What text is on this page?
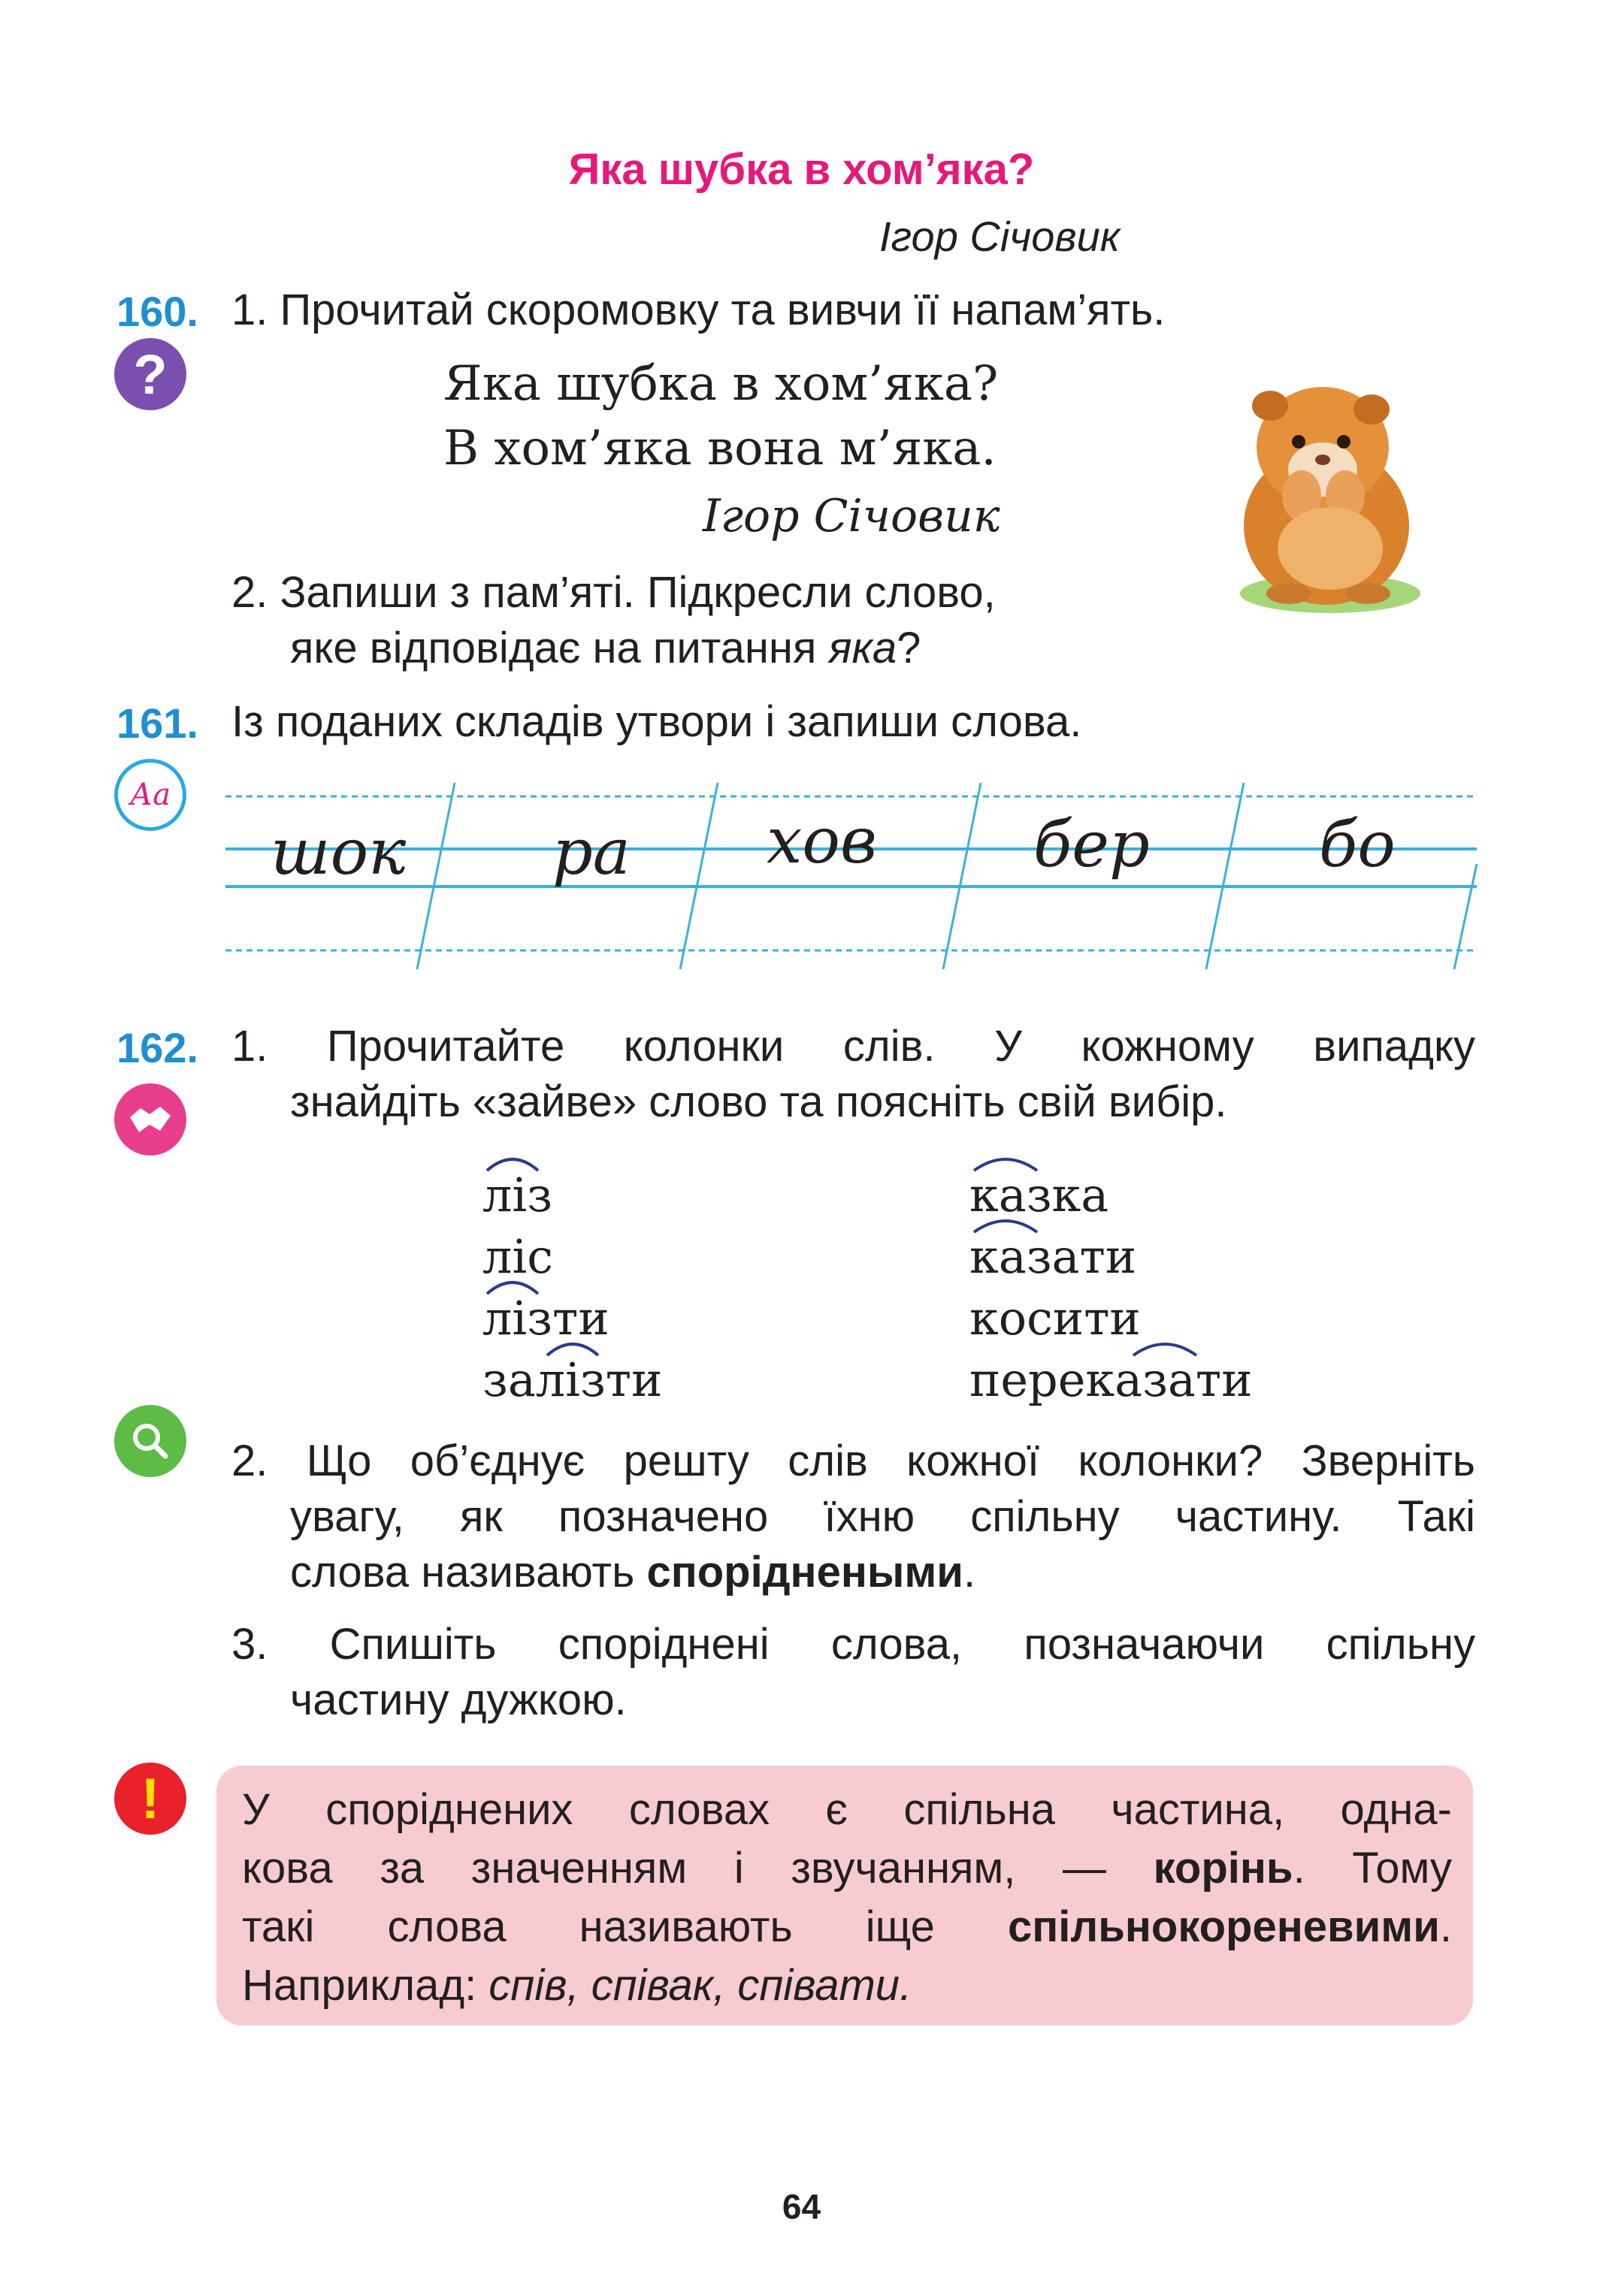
Яка шубка в хом’яка?
Ігор Січовик
160.
?
1. Прочитай скоромовку та вивчи її напам’ять.
Яка шубка в хом’яка?
В хом’яка вона м’яка.
Ігор Січовик
2. Запиши з пам’яті. Підкресли слово,
яке відповідає на питання яка?
161. Із поданих складів утвори і запиши слова.
Аа
шок ра хов бер	бо
162. 1. Прочитайте колонки слів. У кожному випадку
знайдіть «зайве» слово та поясніть свій вибір.
ліз
ліс
лізти
залізти
казка
казати
косити
переказати
2. Що об’єднує решту слів кожної колонки? Зверніть
увагу, як позначено їхню спільну частину. Такі
слова називають споріднеными.
3. Спишіть споріднені слова, позначаючи спільну
частину дужкою.
! У споріднених словах є спільна частина, одна-
кова за значенням і звучанням, — корінь. Тому
такі слова називають іще спільнокореневими.
Наприклад: спів, співак, співати.
64
